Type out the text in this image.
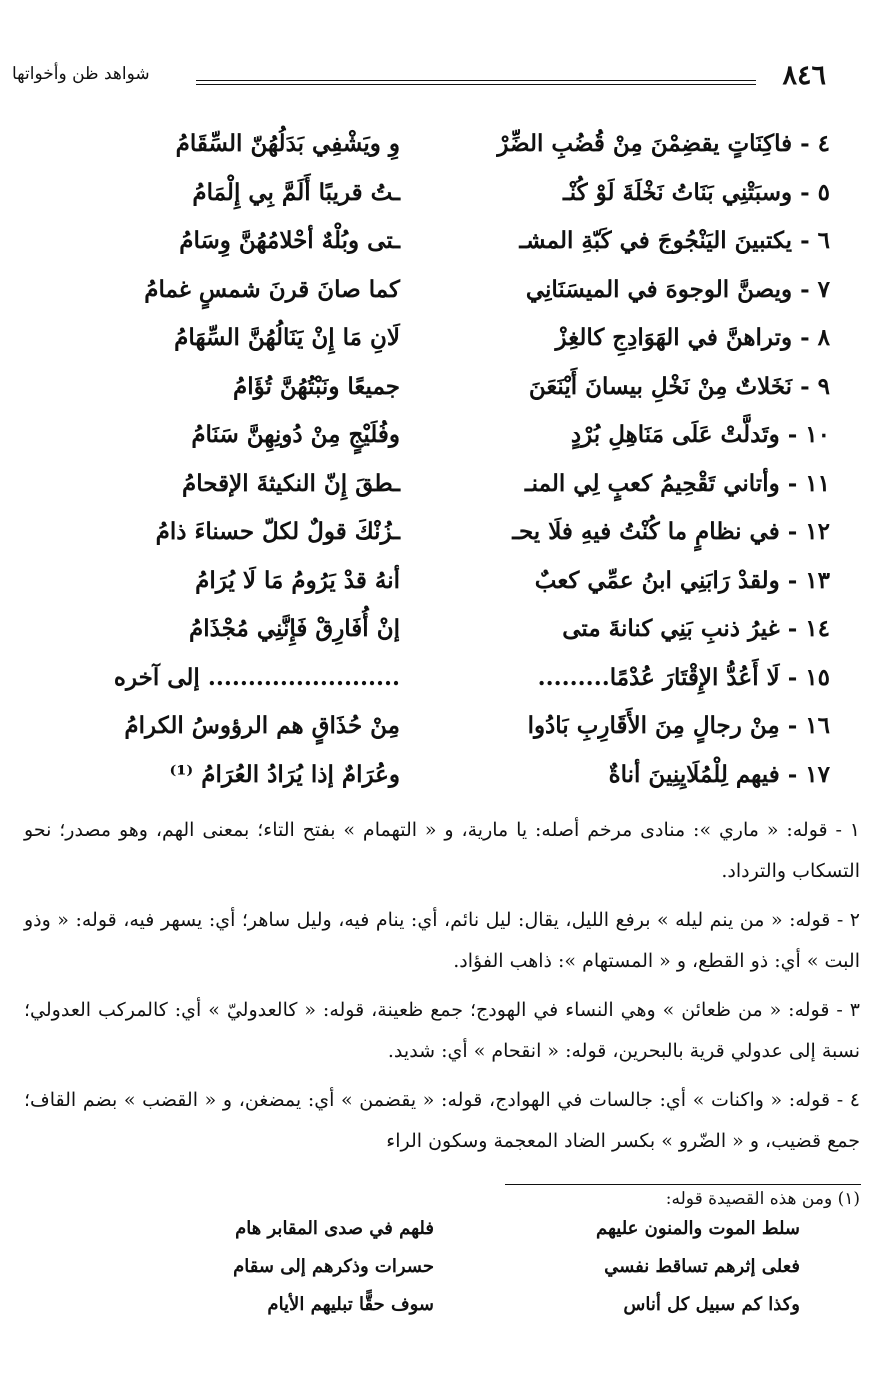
٨٤٦
شواهد ظن وأخواتها
٤ - فاكِنَاتٍ يقضِمْنَ مِنْ قُضُبِ الضِّرْ
وِ ويَشْفِي بَدَلُهُنّ السِّقَامُ
٥ - وسبَتْنِي بَنَاتُ نَخْلَةَ لَوْ كُنْـ
ـتُ قريبًا أَلَمَّ بِي إِلْمَامُ
٦ - يكتبينَ اليَنْجُوجَ في كَبّةِ المشـ
ـتى وبُلْهٌ أحْلامُهُنَّ وِسَامُ
٧ - ويصنَّ الوجوهَ في الميسَنَانِي
كما صانَ قرنَ شمسٍ غمامُ
٨ - وتراهنَّ في الهَوَادِجِ كالغِزْ
لَانِ مَا إِنْ يَنَالُهُنَّ السِّهَامُ
٩ - نَخَلاتٌ مِنْ نَخْلِ بيسانَ أَيْنَعَنَ
جميعًا ونَبْتُهُنَّ تُؤَامُ
١٠ - وتَدلَّتْ عَلَى مَنَاهِلِ بُرْدٍ
وفُلَيْجٍ مِنْ دُونِهِنَّ سَنَامُ
١١ - وأتاني تَقْحِيمُ كعبٍ لِي المنـ
ـطقَ إِنّ النكيثةَ الإقحامُ
١٢ - في نظامٍ ما كُنْتُ فيهِ فلَا يحـ
ـزُنْكَ قولٌ لكلّ حسناءَ ذامُ
١٣ - ولقدْ رَابَنِي ابنُ عمِّي كعبٌ
أنهُ قدْ يَرُومُ مَا لَا يُرَامُ
١٤ - غيرُ ذنبِ بَنِي كنانةَ متى
إنْ أُفَارِقْ فَإِنَّنِي مُجْذَامُ
١٥ - لَا أَعُدُّ الإِقْتَارَ عُدْمًا.........
........................ إلى آخره
١٦ - مِنْ رجالٍ مِنَ الأَقَارِبِ بَادُوا
مِنْ حُذَاقٍ هم الرؤوسُ الكرامُ
١٧ - فيهم لِلْمُلَايِنِينَ أناةٌ
وعُرَامٌ إذا يُرَادُ العُرَامُ ⁽¹⁾

١ - قوله: « ماري »: منادى مرخم أصله: يا مارية، و « التهمام » بفتح التاء؛ بمعنى الهم، وهو مصدر؛ نحو التسكاب والترداد.

٢ - قوله: « من ينم ليله » برفع الليل، يقال: ليل نائم، أي: ينام فيه، وليل ساهر؛ أي: يسهر فيه، قوله: « وذو البت » أي: ذو القطع، و « المستهام »: ذاهب الفؤاد.

٣ - قوله: « من ظعائن » وهي النساء في الهودج؛ جمع ظعينة، قوله: « كالعدوليّ » أي: كالمركب العدولي؛ نسبة إلى عدولي قرية بالبحرين، قوله: « انقحام » أي: شديد.

٤ - قوله: « واكنات » أي: جالسات في الهوادج، قوله: « يقضمن » أي: يمضغن، و « القضب » بضم القاف؛ جمع قضيب، و « الضّرو » بكسر الضاد المعجمة وسكون الراء

(١) ومن هذه القصيدة قوله:
سلط الموت والمنون عليهم
فلهم في صدى المقابر هام
فعلى إثرهم تساقط نفسي
حسرات وذكرهم إلى سقام
وكذا كم سبيل كل أناس
سوف حقًّا تبليهم الأيام
